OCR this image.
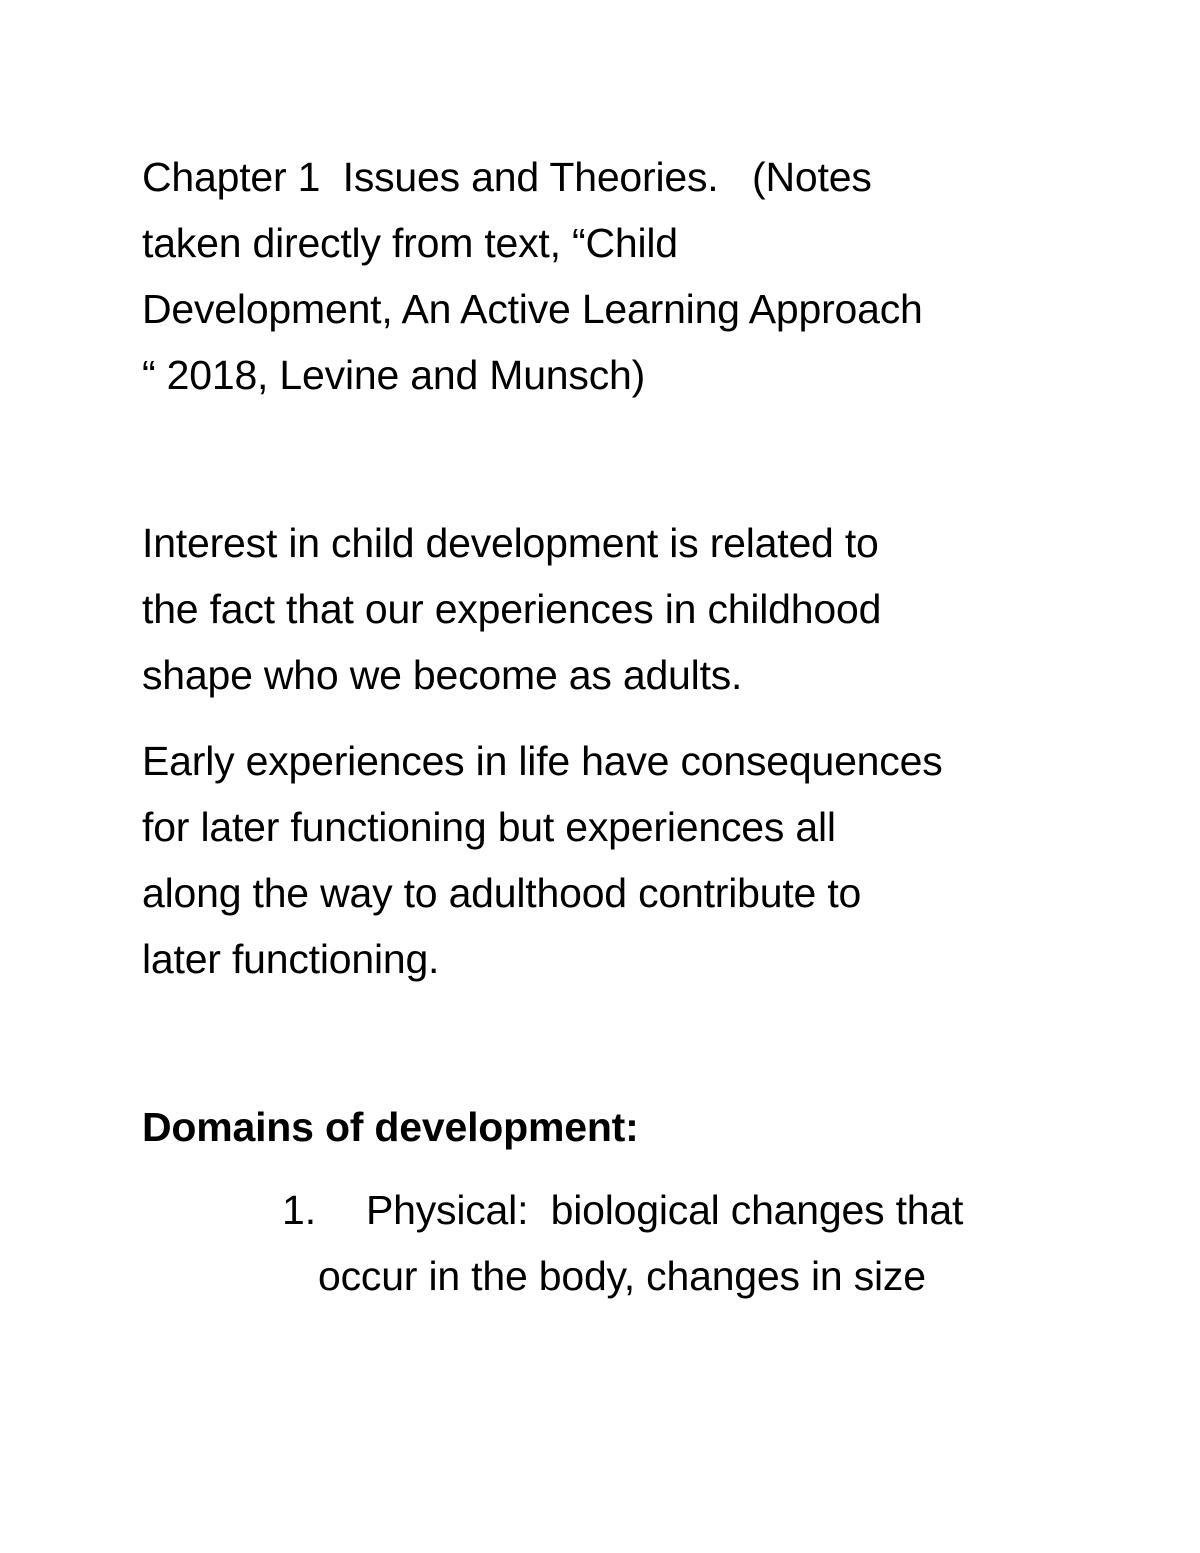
Chapter 1  Issues and Theories.   (Notes
taken directly from text, “Child
Development, An Active Learning Approach
“ 2018, Levine and Munsch)
Interest in child development is related to
the fact that our experiences in childhood
shape who we become as adults.
Early experiences in life have consequences
for later functioning but experiences all
along the way to adulthood contribute to
later functioning.
Domains of development:
1. Physical:  biological changes that
occur in the body, changes in size
